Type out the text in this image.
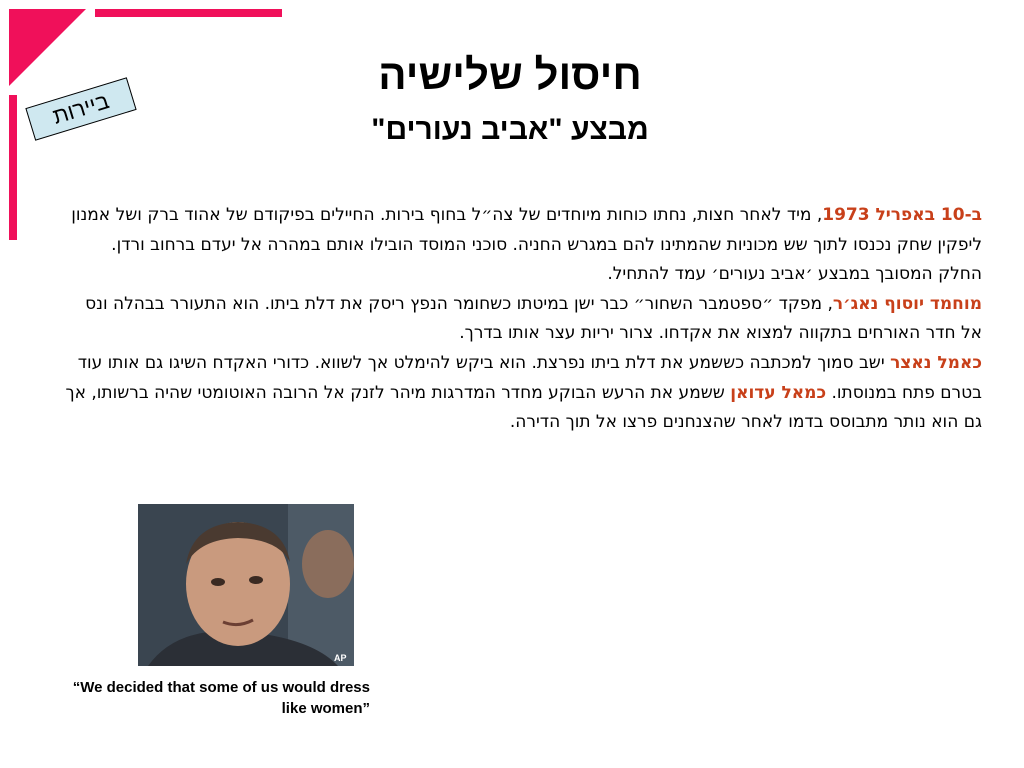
ביירות
חיסול שלישיה
מבצע "אביב נעורים"
ב-10 באפריל 1973, מיד לאחר חצות, נחתו כוחות מיוחדים של צה״ל בחוף בירות. החיילים בפיקודם של אהוד ברק ושל אמנון ליפקין שחק נכנסו לתוך שש מכוניות שהמתינו להם במגרש החניה. סוכני המוסד הובילו אותם במהרה אל יעדם ברחוב ורדן. החלק המסובך במבצע ׳אביב נעורים׳ עמד להתחיל.
מוחמד יוסוף נאג׳ר, מפקד ״ספטמבר השחור״ כבר ישן במיטתו כשחומר הנפץ ריסק את דלת ביתו. הוא התעורר בבהלה ונס אל חדר האורחים בתקווה למצוא את אקדחו. צרור יריות עצר אותו בדרך.
כאמל נאצר ישב סמוך למכתבה כששמע את דלת ביתו נפרצת. הוא ביקש להימלט אך לשווא. כדורי האקדח השיגו גם אותו עוד בטרם פתח במנוסתו. כמאל עדואן ששמע את הרעש הבוקע מחדר המדרגות מיהר לזנק אל הרובה האוטומטי שהיה ברשותו, אך גם הוא נותר מתבוסס בדמו לאחר שהצנחנים פרצו אל תוך הדירה.
AP
“We decided that some of us would dress like women”
